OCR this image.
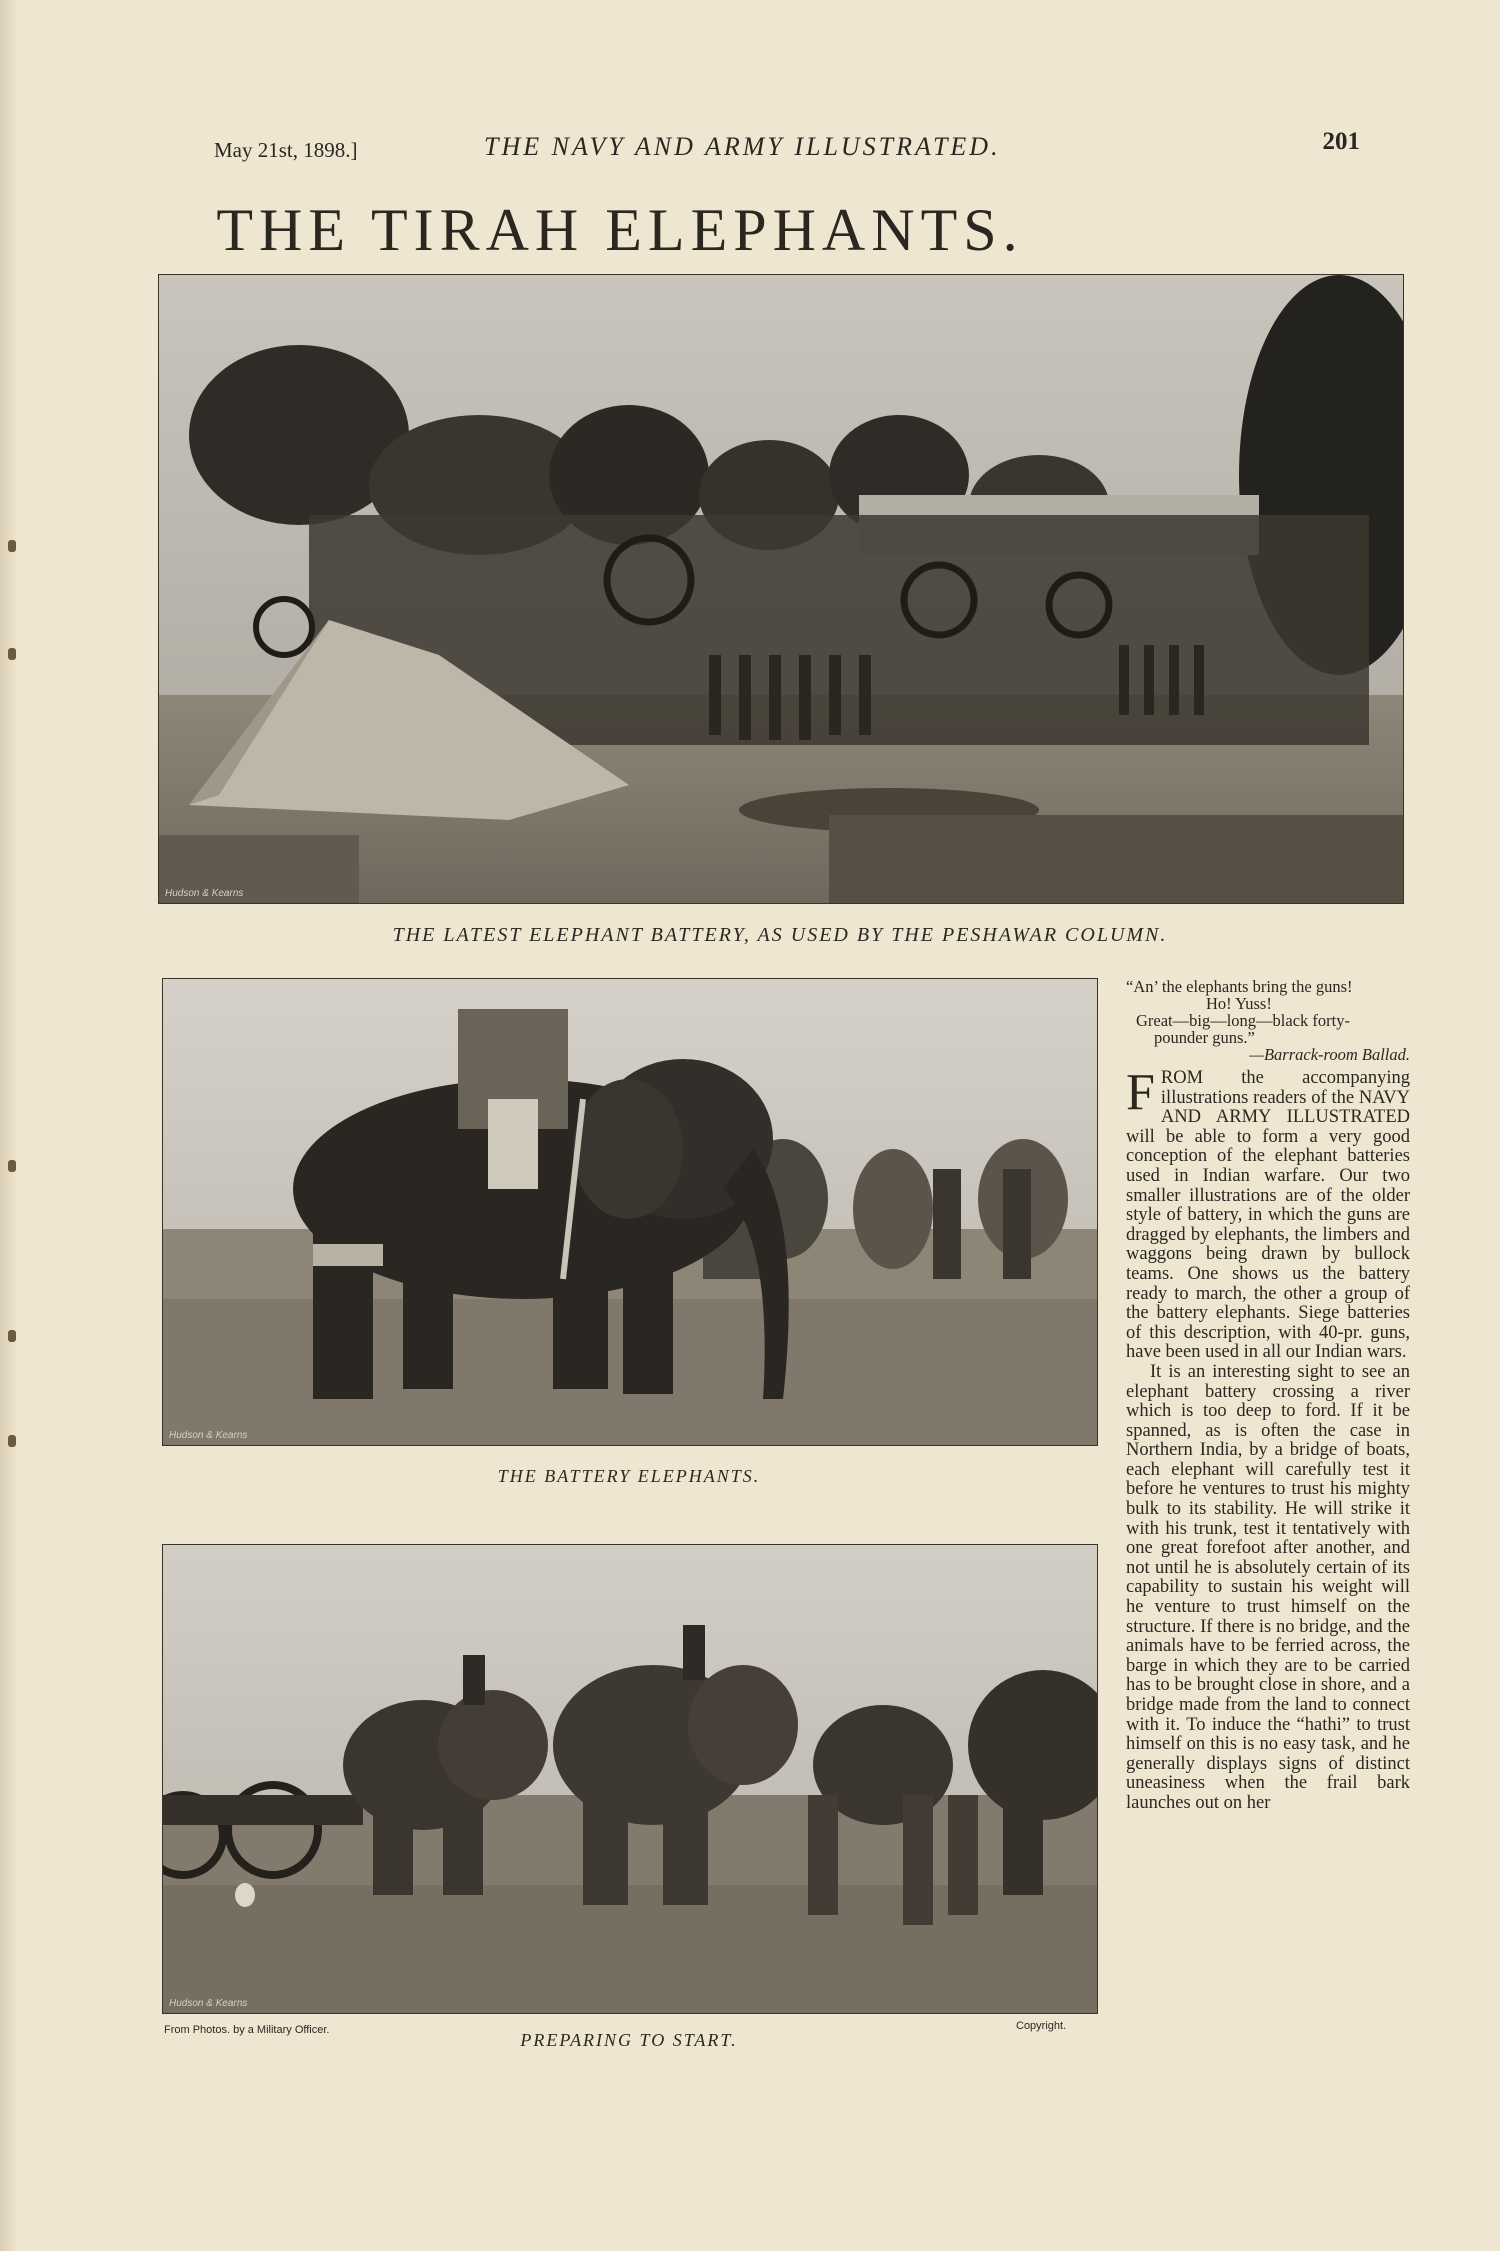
May 21st, 1898.]	THE NAVY AND ARMY ILLUSTRATED.	201
THE TIRAH ELEPHANTS.
Hudson & Kearns
THE LATEST ELEPHANT BATTERY, AS USED BY THE PESHAWAR COLUMN.
Hudson & Kearns
THE BATTERY ELEPHANTS.
Hudson & Kearns
From Photos. by a Military Officer.	Copyright.
PREPARING TO START.
“An’ the elephants bring the guns!
Ho! Yuss!
Great—big—long—black forty-
pounder guns.”
—Barrack-room Ballad.

FROM the accompanying illustrations readers of the NAVY AND ARMY ILLUSTRATED will be able to form a very good conception of the elephant batteries used in Indian warfare. Our two smaller illustrations are of the older style of battery, in which the guns are dragged by elephants, the limbers and waggons being drawn by bullock teams. One shows us the battery ready to march, the other a group of the battery elephants. Siege batteries of this description, with 40-pr. guns, have been used in all our Indian wars.

It is an interesting sight to see an elephant battery crossing a river which is too deep to ford. If it be spanned, as is often the case in Northern India, by a bridge of boats, each elephant will carefully test it before he ventures to trust his mighty bulk to its stability. He will strike it with his trunk, test it tentatively with one great forefoot after another, and not until he is absolutely certain of its capability to sustain his weight will he venture to trust himself on the structure. If there is no bridge, and the animals have to be ferried across, the barge in which they are to be carried has to be brought close in shore, and a bridge made from the land to connect with it. To induce the “hathi” to trust himself on this is no easy task, and he generally displays signs of distinct uneasiness when the frail bark launches out on her
